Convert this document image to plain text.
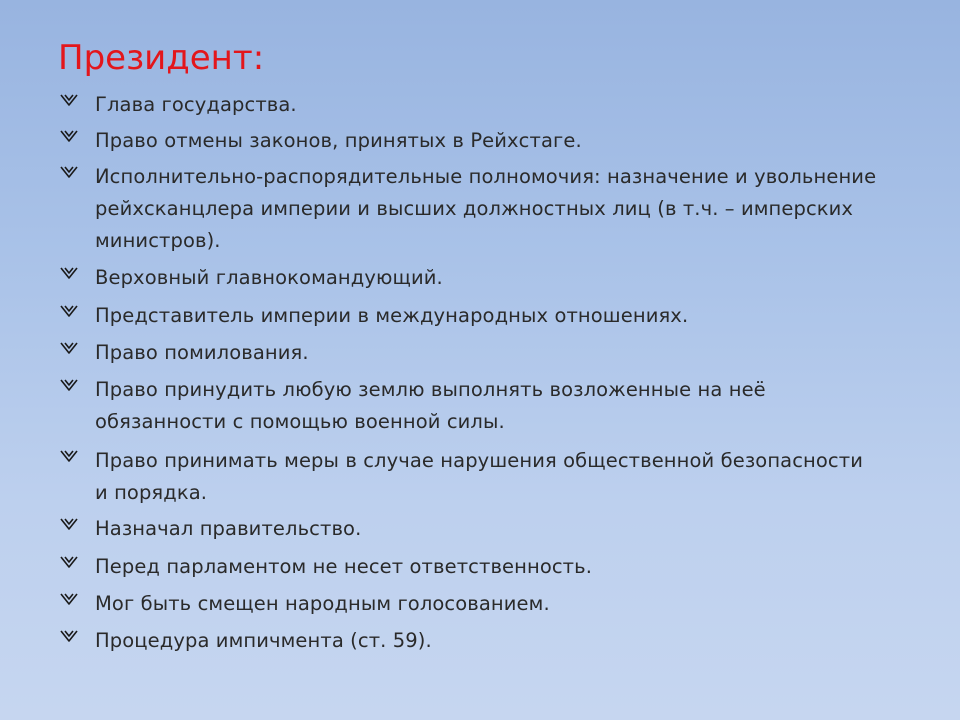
Президент:
Глава государства.
Право отмены законов, принятых в Рейхстаге.
Исполнительно-распорядительные полномочия: назначение и увольнение рейхсканцлера империи и высших должностных лиц (в т.ч. – имперских министров).
Верховный главнокомандующий.
Представитель империи в международных отношениях.
Право помилования.
Право принудить любую землю выполнять возложенные на неё обязанности с помощью военной силы.
Право принимать меры в случае нарушения общественной безопасности и порядка.
Назначал правительство.
Перед парламентом не несет ответственность.
Мог быть смещен народным голосованием.
Процедура импичмента (ст. 59).
